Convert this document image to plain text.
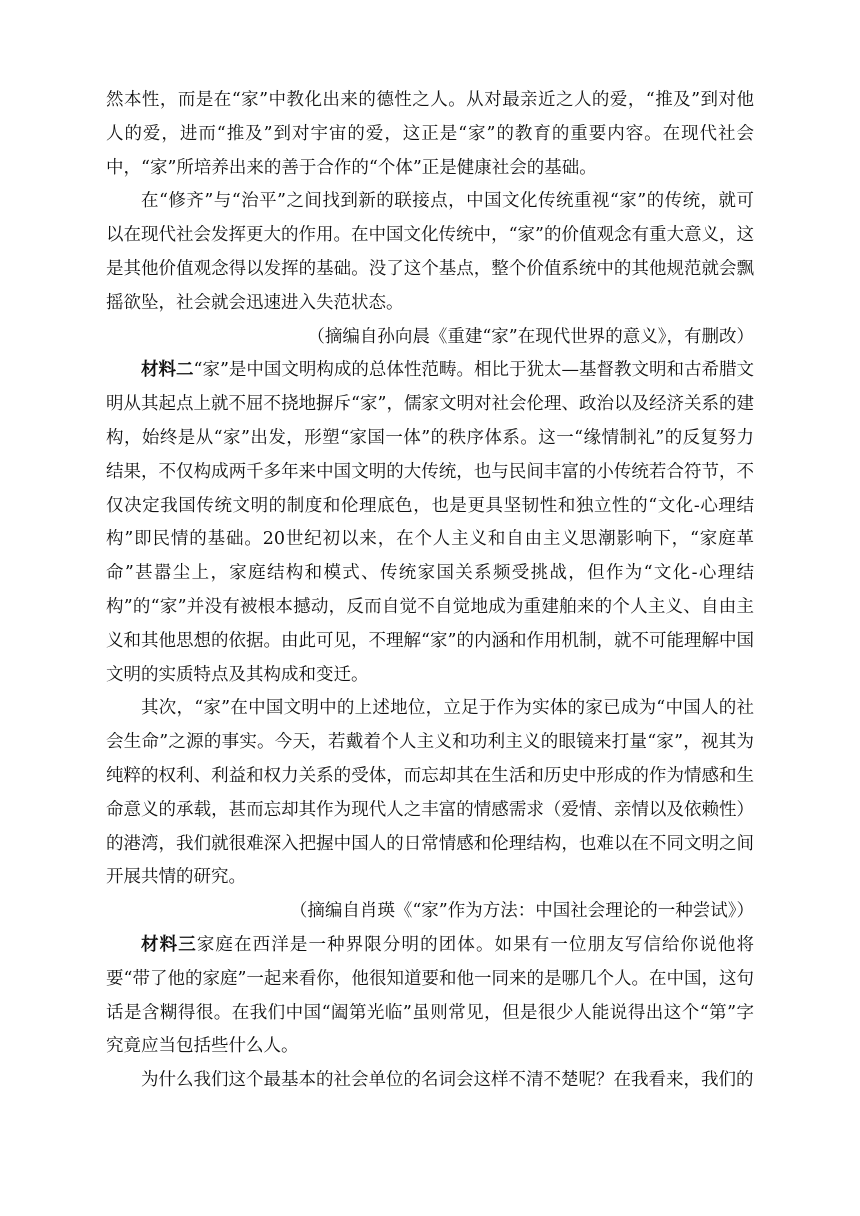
然本性，而是在“家”中教化出来的德性之人。从对最亲近之人的爱，“推及”到对他人的爱，进而“推及”到对宇宙的爱，这正是“家”的教育的重要内容。在现代社会中，“家”所培养出来的善于合作的“个体”正是健康社会的基础。

在“修齐”与“治平”之间找到新的联接点，中国文化传统重视“家”的传统，就可以在现代社会发挥更大的作用。在中国文化传统中，“家”的价值观念有重大意义，这是其他价值观念得以发挥的基础。没了这个基点，整个价值系统中的其他规范就会飘摇欲坠，社会就会迅速进入失范状态。

（摘编自孙向晨《重建“家”在现代世界的意义》，有删改）

材料二“家”是中国文明构成的总体性范畴。相比于犹太—基督教文明和古希腊文明从其起点上就不屈不挠地摒斥“家”，儒家文明对社会伦理、政治以及经济关系的建构，始终是从“家”出发，形塑“家国一体”的秩序体系。这一“缘情制礼”的反复努力结果，不仅构成两千多年来中国文明的大传统，也与民间丰富的小传统若合符节，不仅决定我国传统文明的制度和伦理底色，也是更具坚韧性和独立性的“文化-心理结构”即民情的基础。20世纪初以来，在个人主义和自由主义思潮影响下，“家庭革命”甚嚣尘上，家庭结构和模式、传统家国关系频受挑战，但作为“文化-心理结构”的“家”并没有被根本撼动，反而自觉不自觉地成为重建舶来的个人主义、自由主义和其他思想的依据。由此可见，不理解“家”的内涵和作用机制，就不可能理解中国文明的实质特点及其构成和变迁。

其次，“家”在中国文明中的上述地位，立足于作为实体的家已成为“中国人的社会生命”之源的事实。今天，若戴着个人主义和功利主义的眼镜来打量“家”，视其为纯粹的权利、利益和权力关系的受体，而忘却其在生活和历史中形成的作为情感和生命意义的承载，甚而忘却其作为现代人之丰富的情感需求（爱情、亲情以及依赖性）的港湾，我们就很难深入把握中国人的日常情感和伦理结构，也难以在不同文明之间开展共情的研究。

（摘编自肖瑛《“家”作为方法：中国社会理论的一种尝试》）

材料三家庭在西洋是一种界限分明的团体。如果有一位朋友写信给你说他将要“带了他的家庭”一起来看你，他很知道要和他一同来的是哪几个人。在中国，这句话是含糊得很。在我们中国“阖第光临”虽则常见，但是很少人能说得出这个“第”字究竟应当包括些什么人。

为什么我们这个最基本的社会单位的名词会这样不清不楚呢？在我看来，我们的
